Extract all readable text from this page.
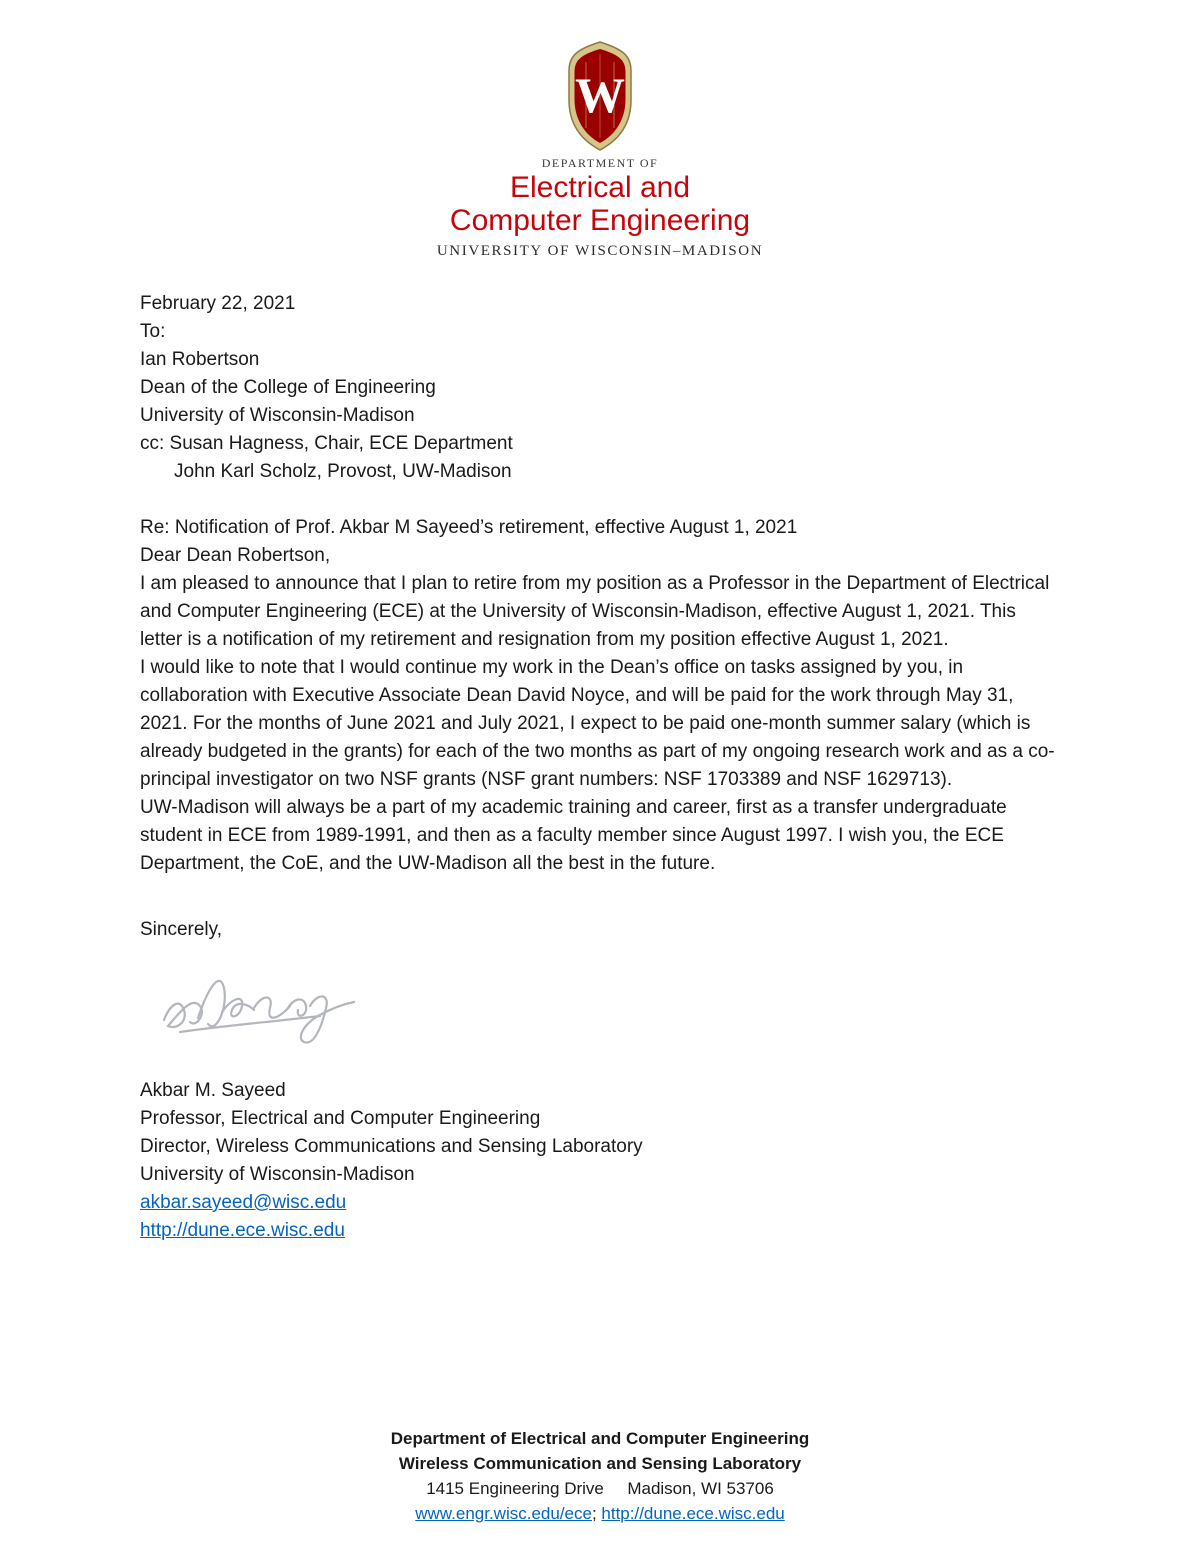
W
DEPARTMENT OF
Electrical and
Computer Engineering
UNIVERSITY OF WISCONSIN–MADISON

February 22, 2021

To:

Ian Robertson

Dean of the College of Engineering

University of Wisconsin-Madison

cc: Susan Hagness, Chair, ECE Department

John Karl Scholz, Provost, UW-Madison

Re: Notification of Prof. Akbar M Sayeed’s retirement, effective August 1, 2021

Dear Dean Robertson,

I am pleased to announce that I plan to retire from my position as a Professor in the Department of Electrical and Computer Engineering (ECE) at the University of Wisconsin-Madison, effective August 1, 2021. This letter is a notification of my retirement and resignation from my position effective August 1, 2021.

I would like to note that I would continue my work in the Dean’s office on tasks assigned by you, in collaboration with Executive Associate Dean David Noyce, and will be paid for the work through May 31, 2021. For the months of June 2021 and July 2021, I expect to be paid one-month summer salary (which is already budgeted in the grants) for each of the two months as part of my ongoing research work and as a co-principal investigator on two NSF grants (NSF grant numbers: NSF 1703389 and NSF 1629713).

UW-Madison will always be a part of my academic training and career, first as a transfer undergraduate student in ECE from 1989-1991, and then as a faculty member since August 1997. I wish you, the ECE Department, the CoE, and the UW-Madison all the best in the future.

Sincerely,

Akbar M. Sayeed

Professor, Electrical and Computer Engineering

Director, Wireless Communications and Sensing Laboratory

University of Wisconsin-Madison

akbar.sayeed@wisc.edu

http://dune.ece.wisc.edu

Department of Electrical and Computer Engineering
Wireless Communication and Sensing Laboratory
1415 Engineering Drive Madison, WI 53706
www.engr.wisc.edu/ece; http://dune.ece.wisc.edu
